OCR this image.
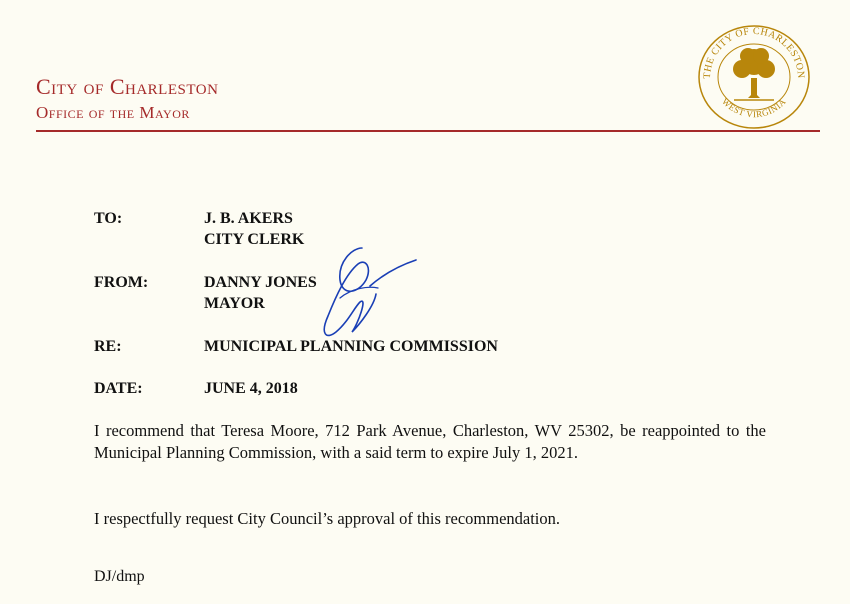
City of Charleston
Office of the Mayor
THE CITY OF CHARLESTON
WEST VIRGINIA
TO:	J. B. AKERS
CITY CLERK
FROM:	DANNY JONES
MAYOR
RE:	MUNICIPAL PLANNING COMMISSION
DATE:	JUNE 4, 2018
I recommend that Teresa Moore, 712 Park Avenue, Charleston, WV 25302, be reappointed to the Municipal Planning Commission, with a said term to expire July 1, 2021.
I respectfully request City Council’s approval of this recommendation.
DJ/dmp
